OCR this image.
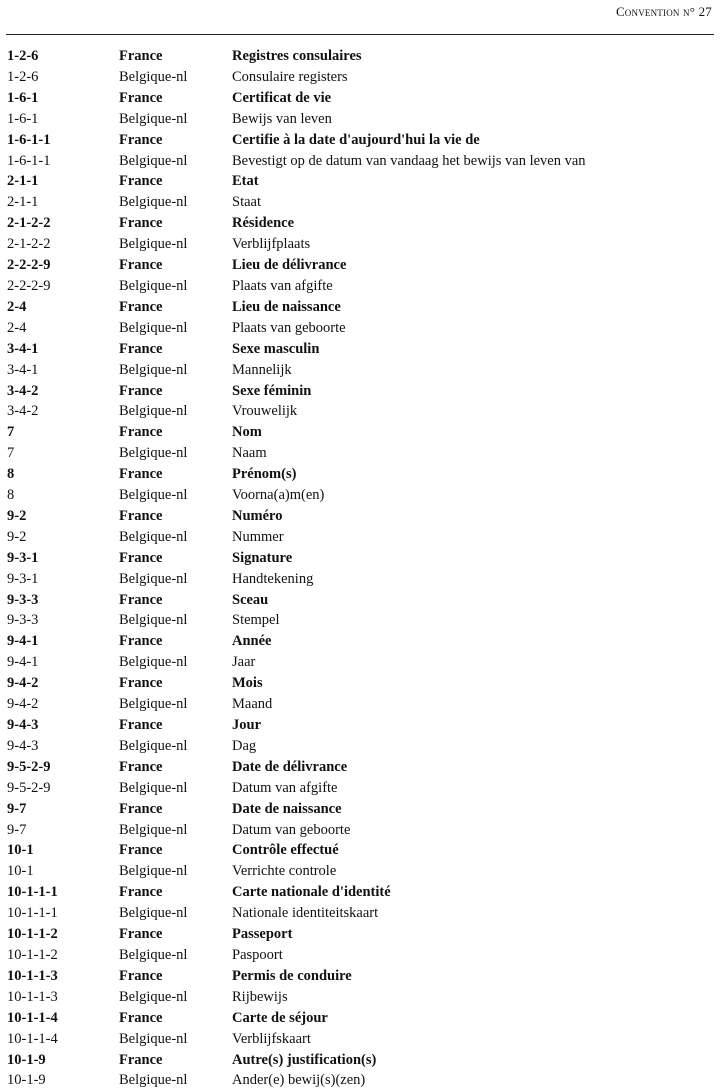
Convention n° 27
1-2-6	France	Registres consulaires
1-2-6	Belgique-nl	Consulaire registers
1-6-1	France	Certificat de vie
1-6-1	Belgique-nl	Bewijs van leven
1-6-1-1	France	Certifie à la date d'aujourd'hui la vie de
1-6-1-1	Belgique-nl	Bevestigt op de datum van vandaag het bewijs van leven van
2-1-1	France	Etat
2-1-1	Belgique-nl	Staat
2-1-2-2	France	Résidence
2-1-2-2	Belgique-nl	Verblijfplaats
2-2-2-9	France	Lieu de délivrance
2-2-2-9	Belgique-nl	Plaats van afgifte
2-4	France	Lieu de naissance
2-4	Belgique-nl	Plaats van geboorte
3-4-1	France	Sexe masculin
3-4-1	Belgique-nl	Mannelijk
3-4-2	France	Sexe féminin
3-4-2	Belgique-nl	Vrouwelijk
7	France	Nom
7	Belgique-nl	Naam
8	France	Prénom(s)
8	Belgique-nl	Voorna(a)m(en)
9-2	France	Numéro
9-2	Belgique-nl	Nummer
9-3-1	France	Signature
9-3-1	Belgique-nl	Handtekening
9-3-3	France	Sceau
9-3-3	Belgique-nl	Stempel
9-4-1	France	Année
9-4-1	Belgique-nl	Jaar
9-4-2	France	Mois
9-4-2	Belgique-nl	Maand
9-4-3	France	Jour
9-4-3	Belgique-nl	Dag
9-5-2-9	France	Date de délivrance
9-5-2-9	Belgique-nl	Datum van afgifte
9-7	France	Date de naissance
9-7	Belgique-nl	Datum van geboorte
10-1	France	Contrôle effectué
10-1	Belgique-nl	Verrichte controle
10-1-1-1	France	Carte nationale d'identité
10-1-1-1	Belgique-nl	Nationale identiteitskaart
10-1-1-2	France	Passeport
10-1-1-2	Belgique-nl	Paspoort
10-1-1-3	France	Permis de conduire
10-1-1-3	Belgique-nl	Rijbewijs
10-1-1-4	France	Carte de séjour
10-1-1-4	Belgique-nl	Verblijfskaart
10-1-9	France	Autre(s) justification(s)
10-1-9	Belgique-nl	Ander(e) bewij(s)(zen)
